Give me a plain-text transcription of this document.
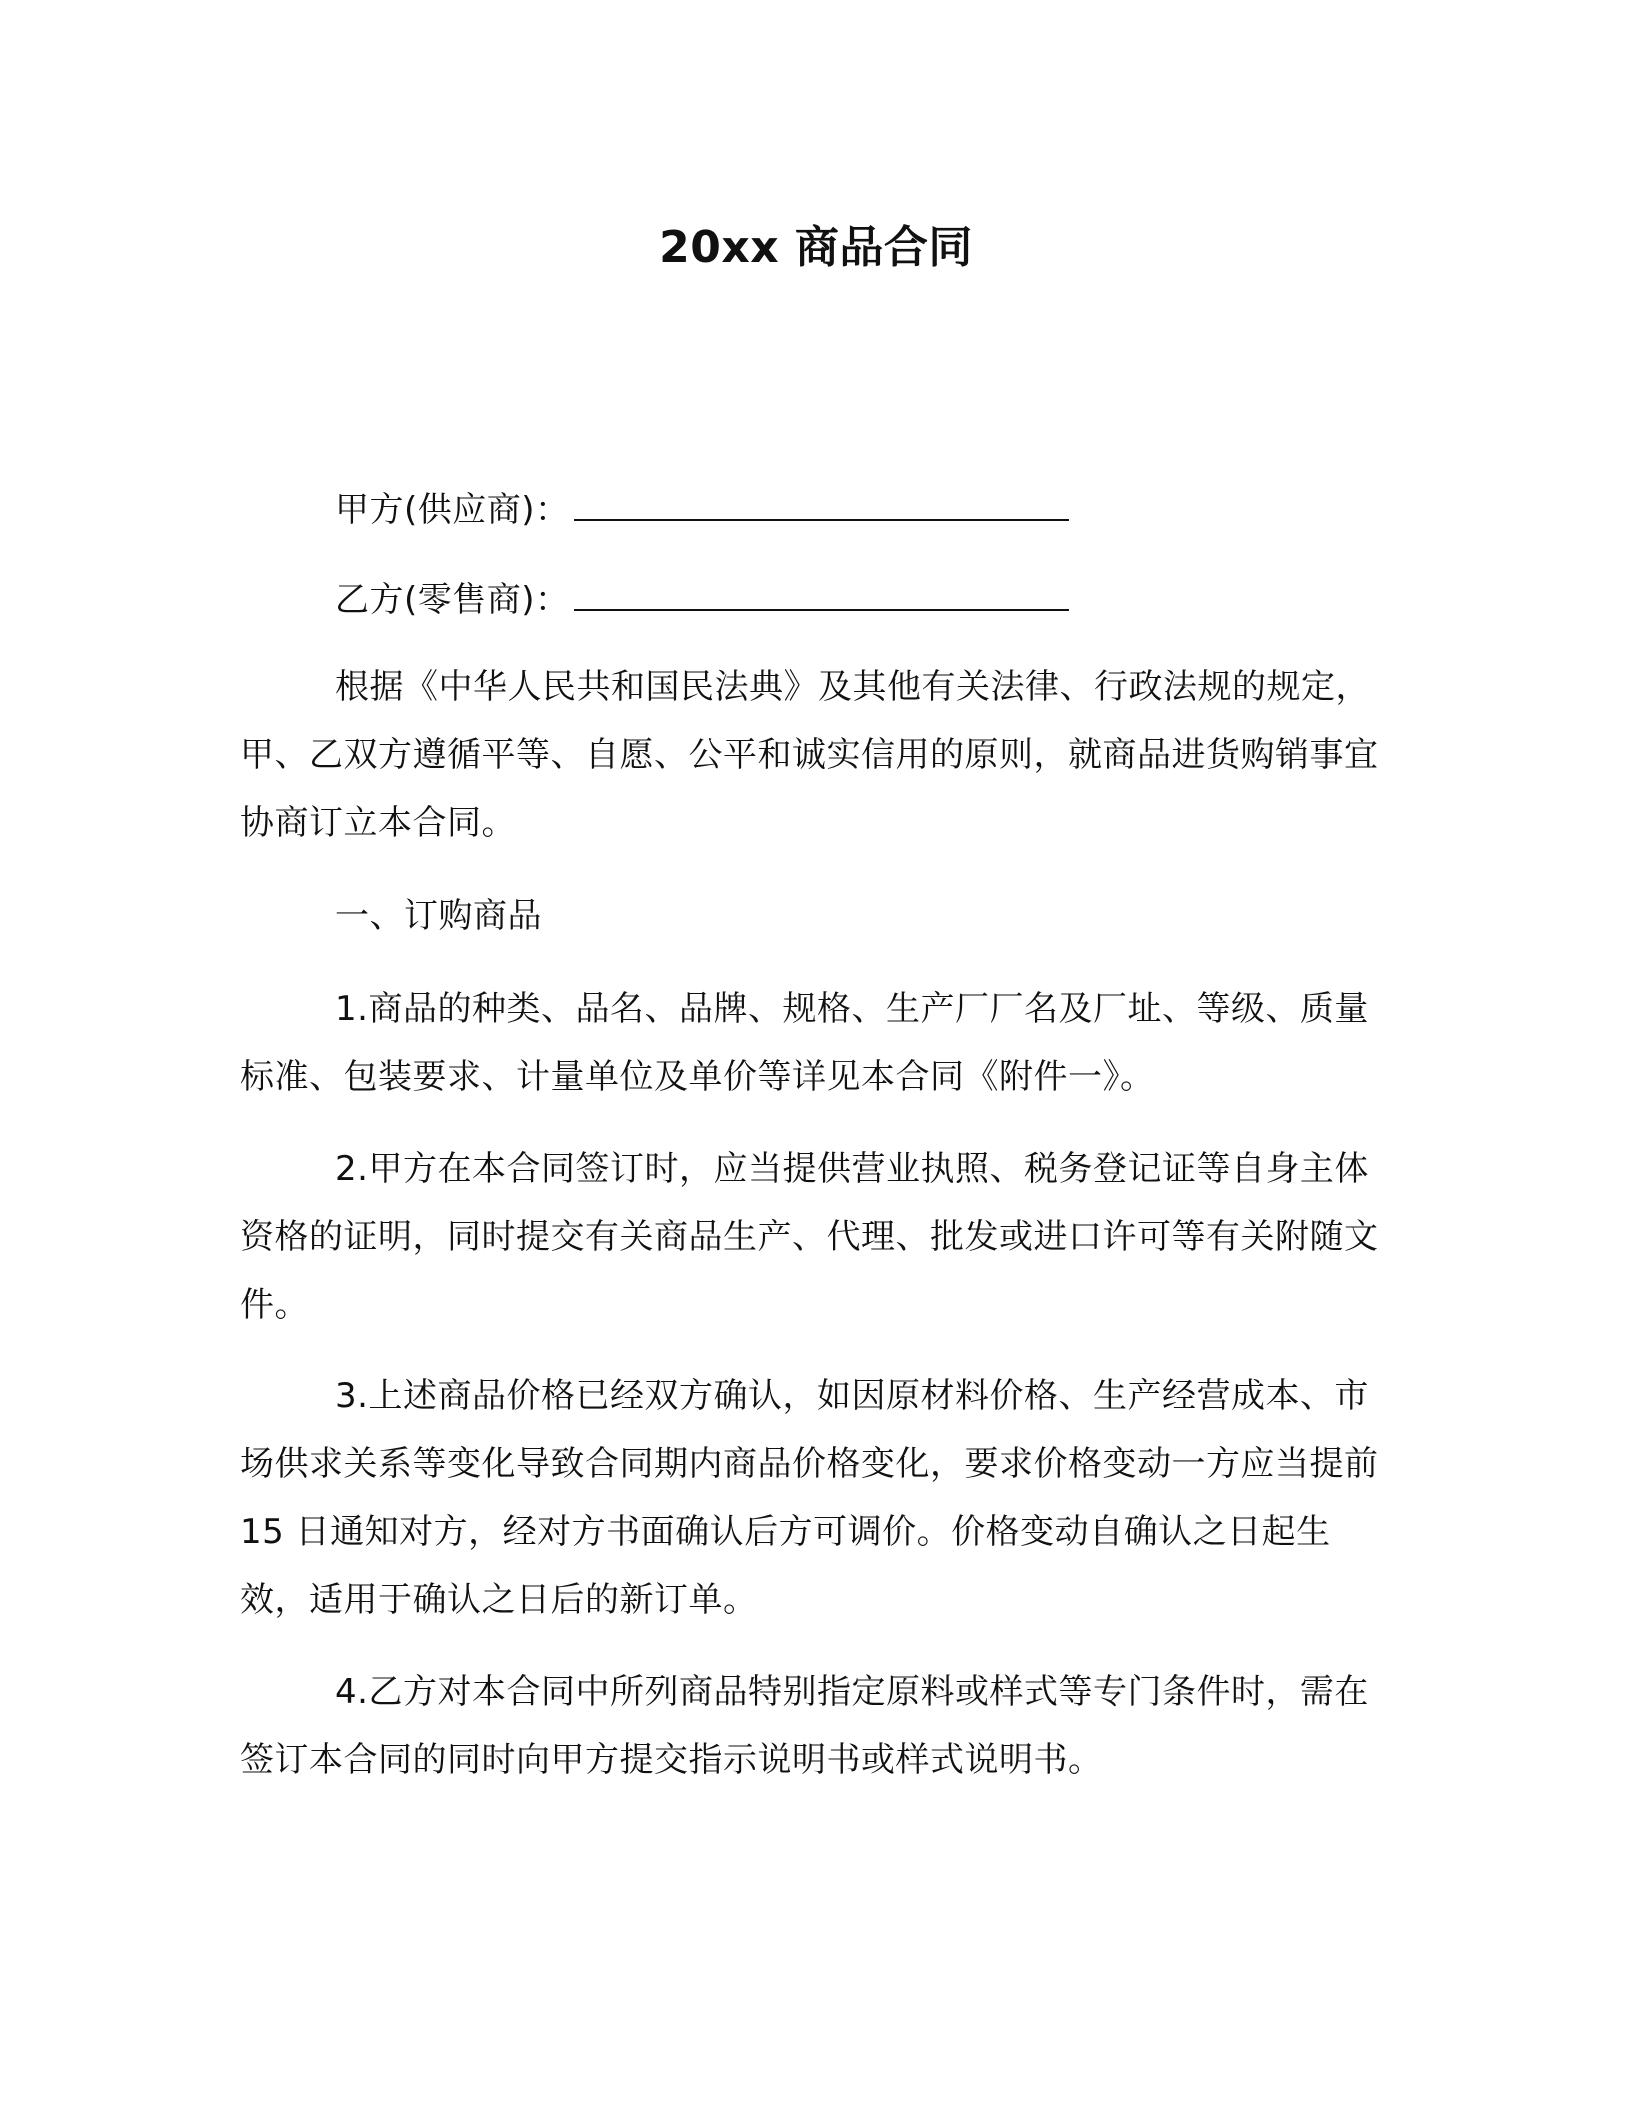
20xx 商品合同
甲方(供应商)：
乙方(零售商)：

根据《中华人民共和国民法典》及其他有关法律、行政法规的规定，甲、乙双方遵循平等、自愿、公平和诚实信用的原则，就商品进货购销事宜协商订立本合同。

一、订购商品

1.商品的种类、品名、品牌、规格、生产厂厂名及厂址、等级、质量标准、包装要求、计量单位及单价等详见本合同《附件一》。

2.甲方在本合同签订时，应当提供营业执照、税务登记证等自身主体资格的证明，同时提交有关商品生产、代理、批发或进口许可等有关附随文件。

3.上述商品价格已经双方确认，如因原材料价格、生产经营成本、市场供求关系等变化导致合同期内商品价格变化，要求价格变动一方应当提前 15 日通知对方，经对方书面确认后方可调价。价格变动自确认之日起生效，适用于确认之日后的新订单。

4.乙方对本合同中所列商品特别指定原料或样式等专门条件时，需在签订本合同的同时向甲方提交指示说明书或样式说明书。
